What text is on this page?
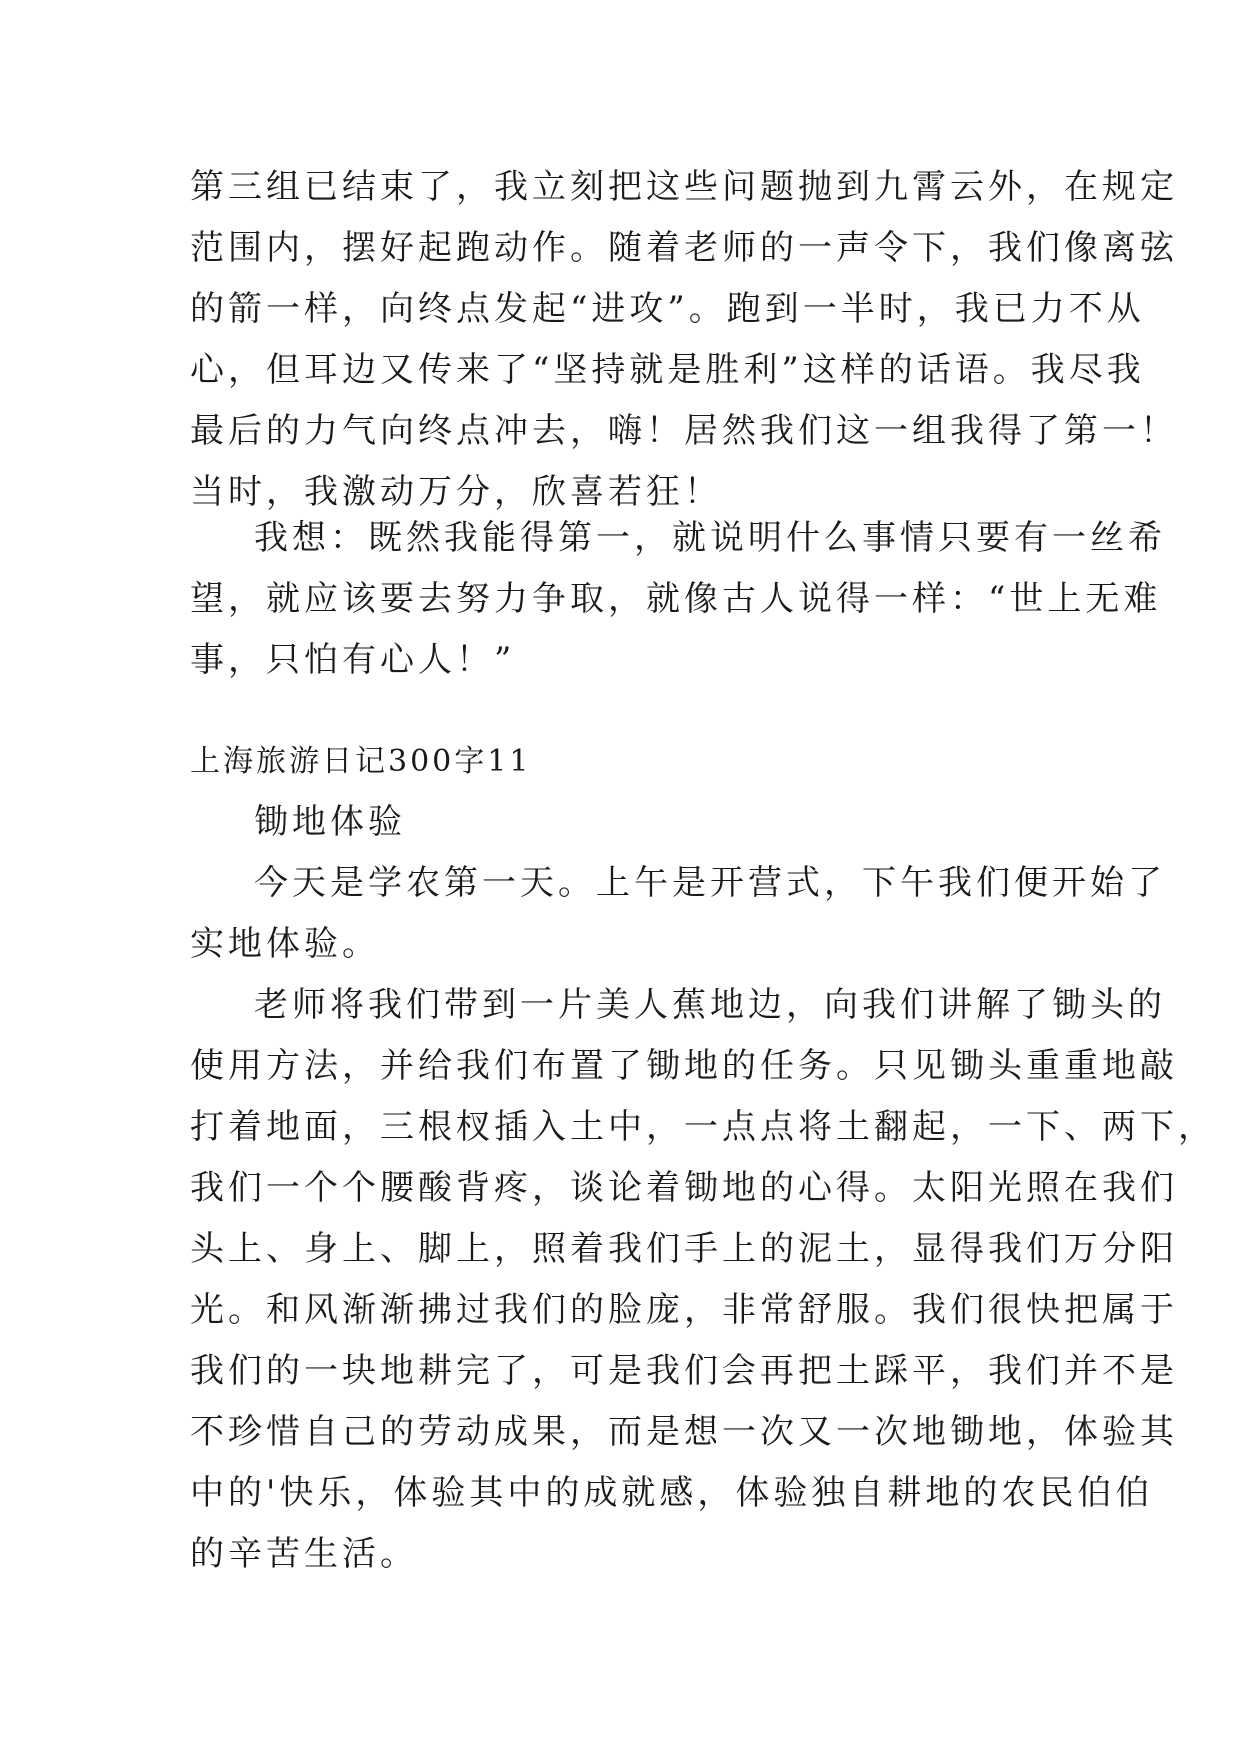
第三组已结束了，我立刻把这些问题抛到九霄云外，在规定
范围内，摆好起跑动作。随着老师的一声令下，我们像离弦
的箭一样，向终点发起“进攻”。跑到一半时，我已力不从
心，但耳边又传来了“坚持就是胜利”这样的话语。我尽我
最后的力气向终点冲去，嗨！居然我们这一组我得了第一！
当时，我激动万分，欣喜若狂！
我想：既然我能得第一，就说明什么事情只要有一丝希
望，就应该要去努力争取，就像古人说得一样：“世上无难
事，只怕有心人！”
上海旅游日记300字11
锄地体验
今天是学农第一天。上午是开营式，下午我们便开始了
实地体验。
老师将我们带到一片美人蕉地边，向我们讲解了锄头的
使用方法，并给我们布置了锄地的任务。只见锄头重重地敲
打着地面，三根杈插入土中，一点点将土翻起，一下、两下，
我们一个个腰酸背疼，谈论着锄地的心得。太阳光照在我们
头上、身上、脚上，照着我们手上的泥土，显得我们万分阳
光。和风渐渐拂过我们的脸庞，非常舒服。我们很快把属于
我们的一块地耕完了，可是我们会再把土踩平，我们并不是
不珍惜自己的劳动成果，而是想一次又一次地锄地，体验其
中的'快乐，体验其中的成就感，体验独自耕地的农民伯伯
的辛苦生活。
